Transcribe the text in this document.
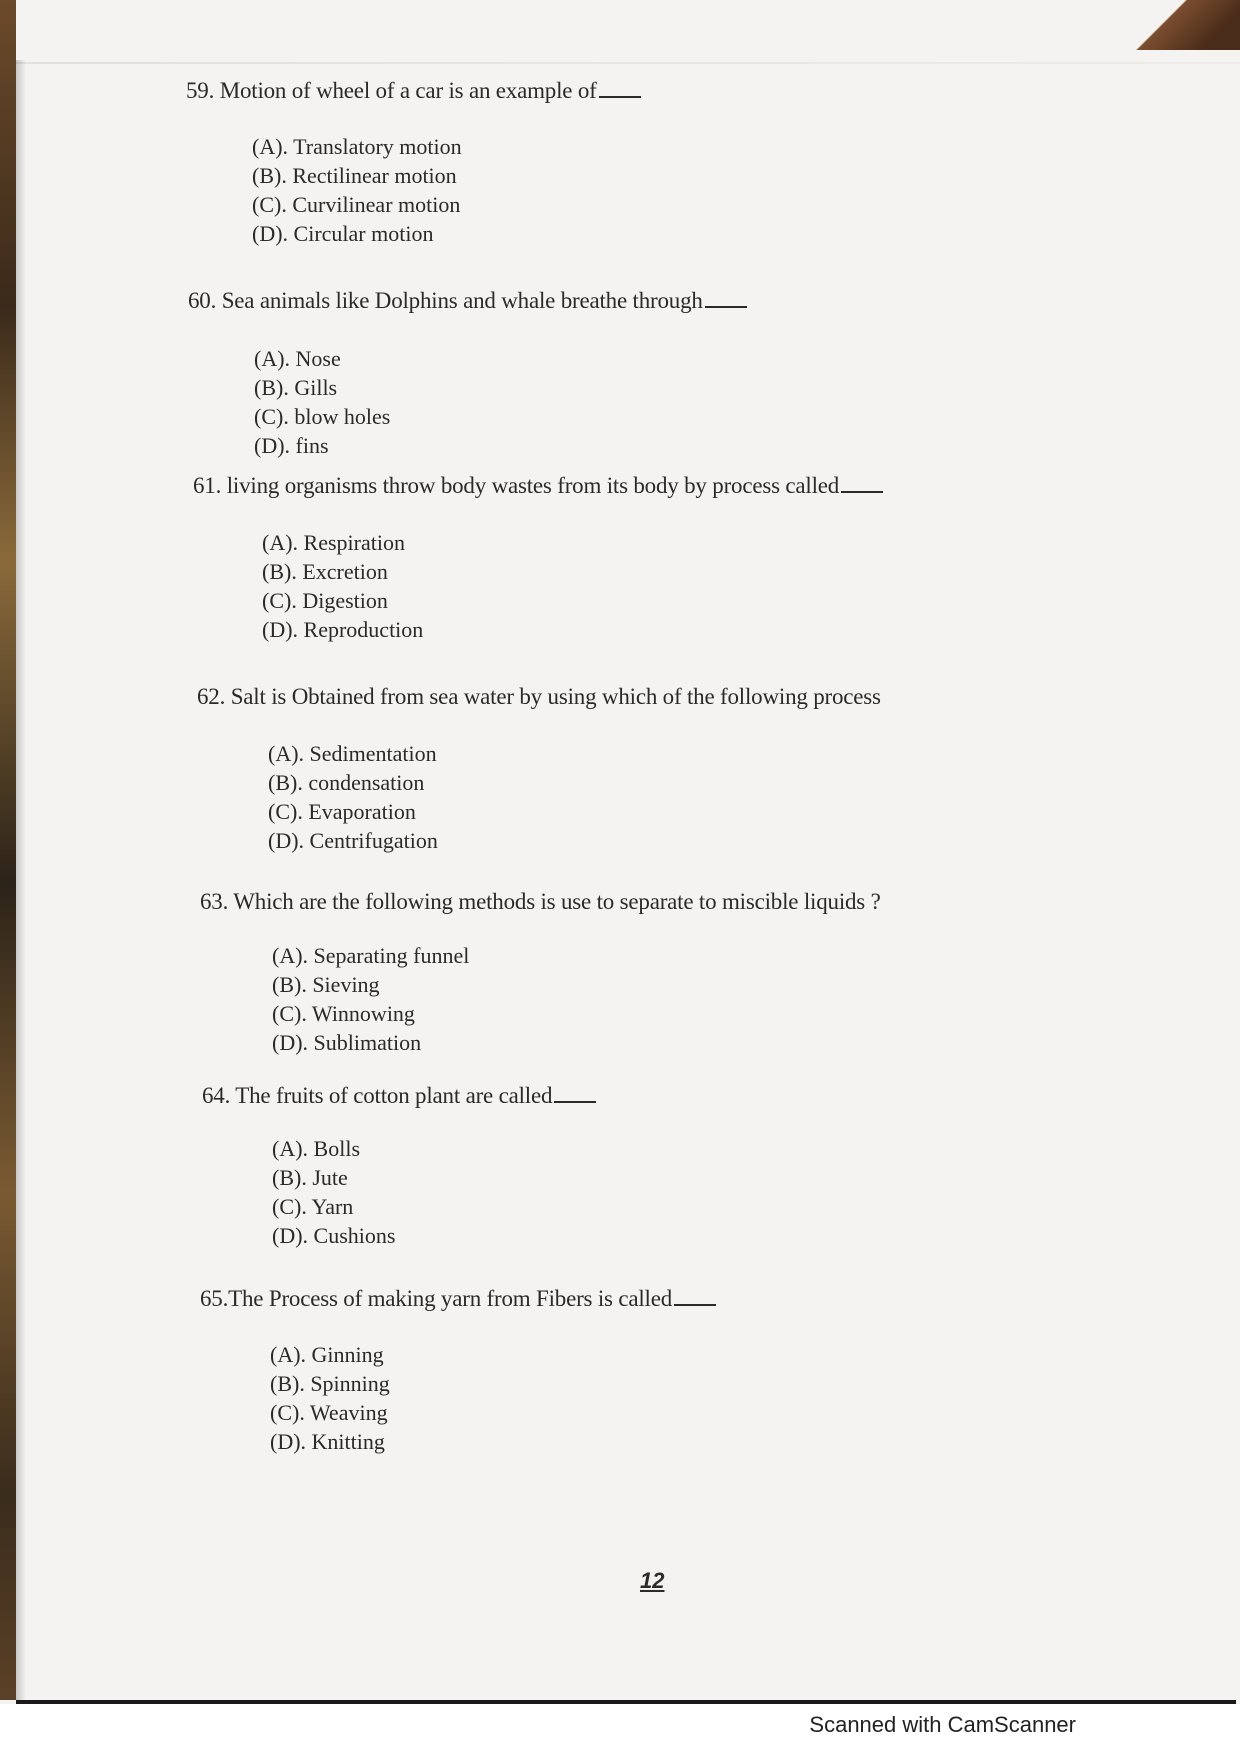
59. Motion of wheel of a car is an example of
(A). Translatory motion
(B). Rectilinear motion
(C). Curvilinear motion
(D). Circular motion
60. Sea animals like Dolphins and whale breathe through
(A). Nose
(B). Gills
(C). blow holes
(D). fins
61. living organisms throw body wastes from its body by process called
(A). Respiration
(B). Excretion
(C). Digestion
(D). Reproduction
62. Salt is Obtained from sea water by using which of the following process
(A). Sedimentation
(B). condensation
(C). Evaporation
(D). Centrifugation
63. Which are the following methods is use to separate to miscible liquids ?
(A). Separating funnel
(B). Sieving
(C). Winnowing
(D). Sublimation
64. The fruits of cotton plant are called
(A). Bolls
(B). Jute
(C). Yarn
(D). Cushions
65.The Process of making yarn from Fibers is called
(A). Ginning
(B). Spinning
(C). Weaving
(D). Knitting
12
Scanned with CamScanner
